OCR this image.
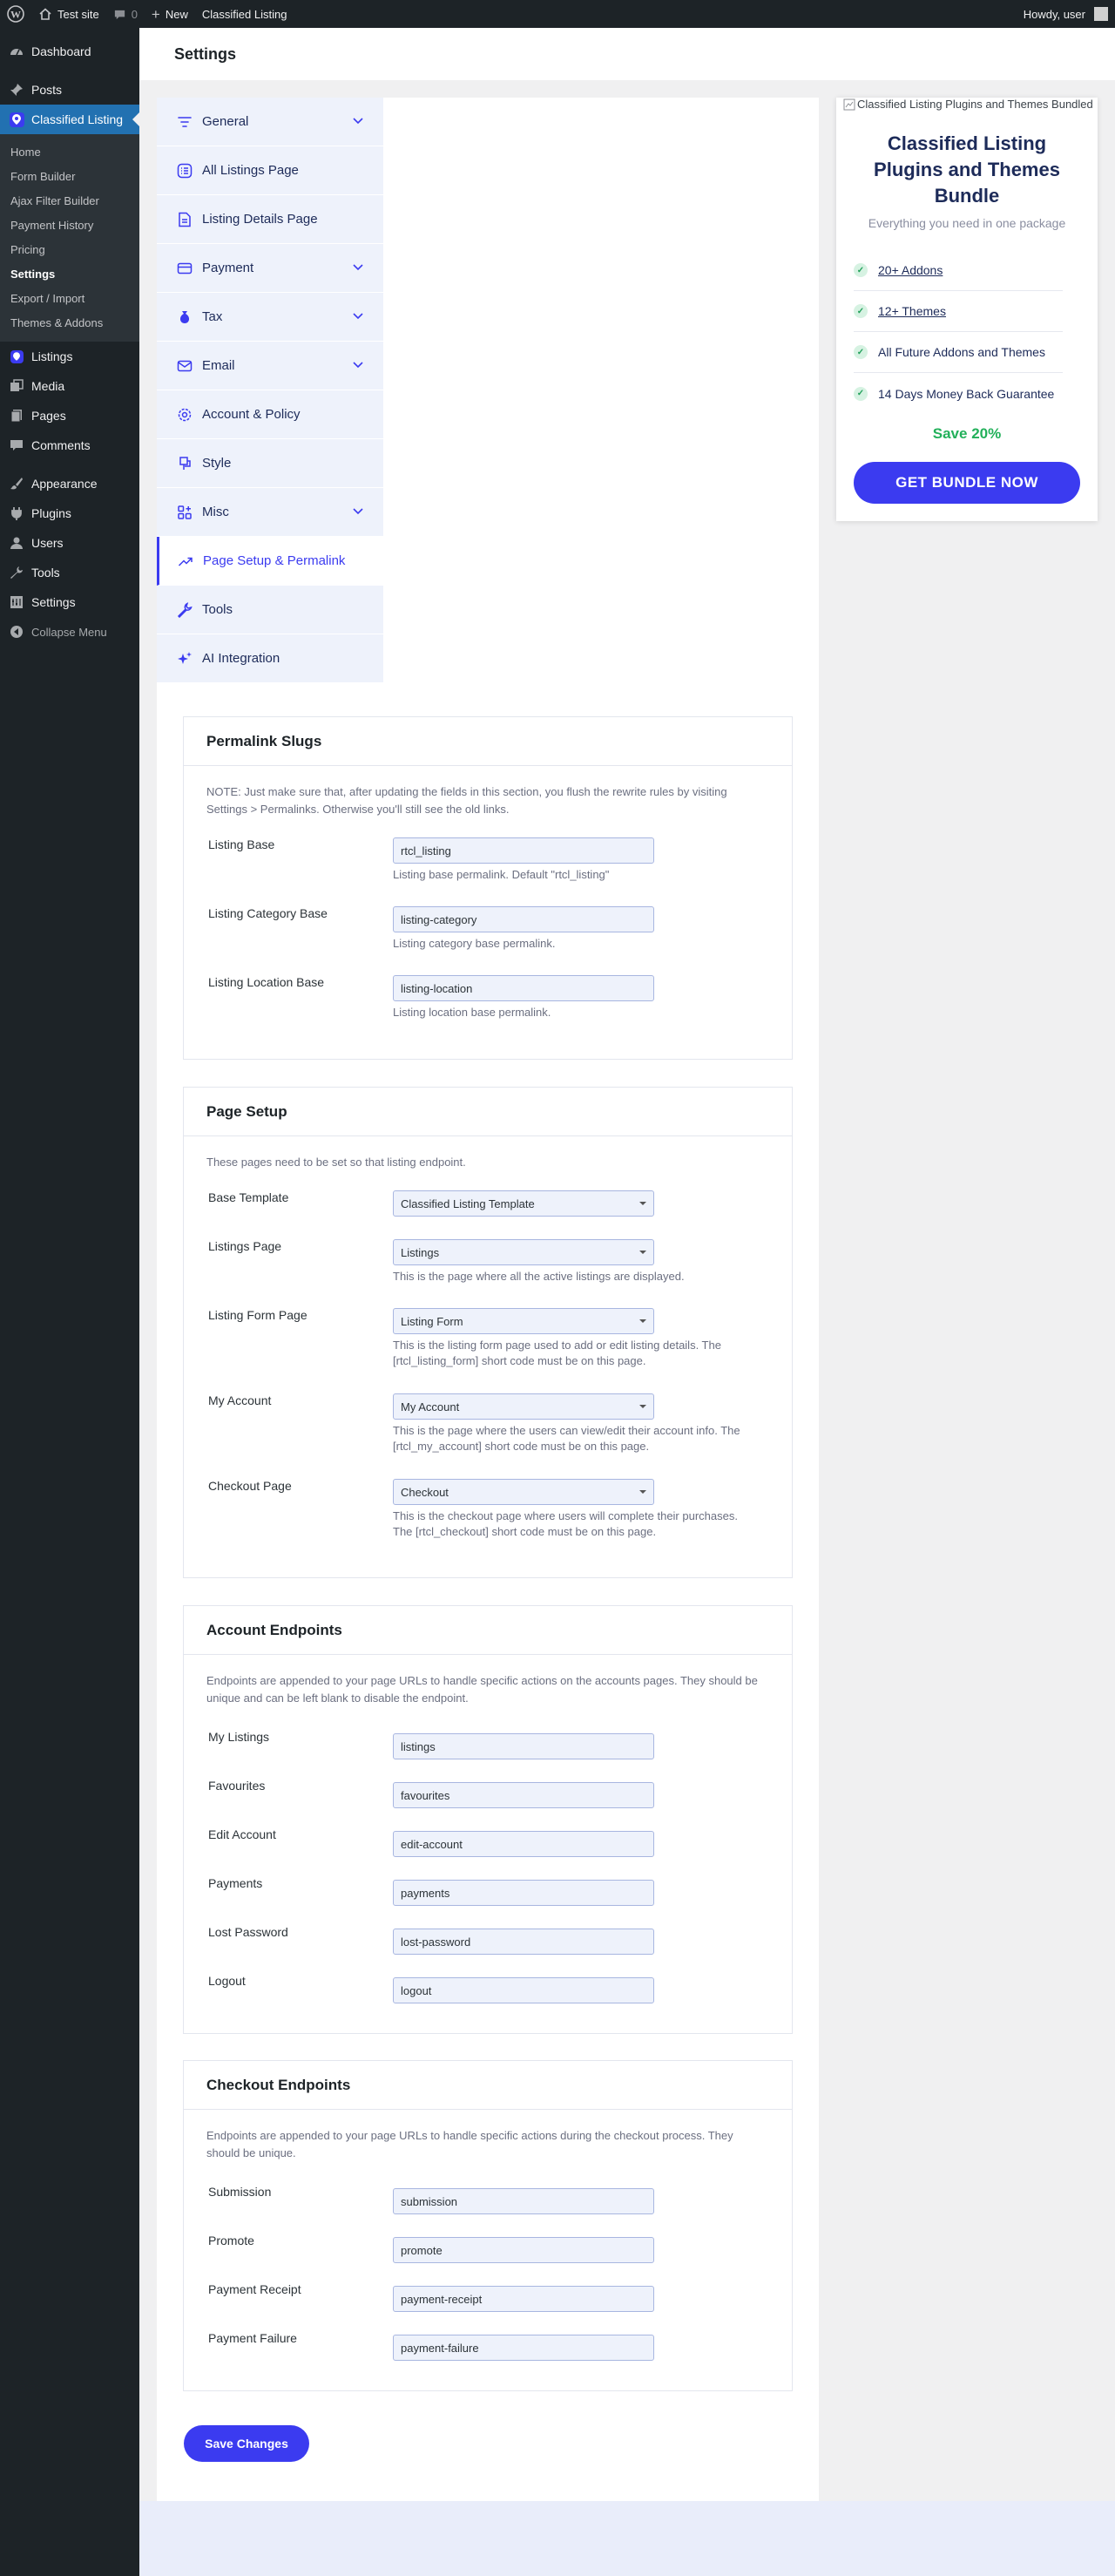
W	Test site	0 + New	Classified Listing	Howdy, user
Dashboard
Posts
Classified Listing
Home
Form Builder
Ajax Filter Builder
Payment History
Pricing
Settings
Export / Import
Themes & Addons
Listings
Media
Pages
Comments
Appearance
Plugins
Users
Tools
Settings
Collapse Menu
Settings
General
All Listings Page
Listing Details Page
Payment
Tax
Email
Account & Policy
Style
Misc
Page Setup & Permalink
Tools
AI Integration
Permalink Slugs
NOTE: Just make sure that, after updating the fields in this section, you flush the rewrite rules by visiting Settings > Permalinks. Otherwise you'll still see the old links.
Listing Base
rtcl_listing
Listing base permalink. Default "rtcl_listing"
Listing Category Base
listing-category
Listing category base permalink.
Listing Location Base
listing-location
Listing location base permalink.
Page Setup
These pages need to be set so that listing endpoint.
Base Template	Classified Listing Template
Listings Page	Listings
This is the page where all the active listings are displayed.
Listing Form Page	Listing Form
This is the listing form page used to add or edit listing details. The [rtcl_listing_form] short code must be on this page.
My Account	My Account
This is the page where the users can view/edit their account info. The [rtcl_my_account] short code must be on this page.
Checkout Page	Checkout
This is the checkout page where users will complete their purchases. The [rtcl_checkout] short code must be on this page.
Account Endpoints
Endpoints are appended to your page URLs to handle specific actions on the accounts pages. They should be unique and can be left blank to disable the endpoint.
My Listings
listings
Favourites
favourites
Edit Account
edit-account
Payments
payments
Lost Password
lost-password
Logout
logout
Checkout Endpoints
Endpoints are appended to your page URLs to handle specific actions during the checkout process. They should be unique.
Submission
submission
Promote
promote
Payment Receipt
payment-receipt
Payment Failure
payment-failure
Save Changes
Classified Listing Plugins and Themes Bundled
Classified Listing Plugins and Themes Bundle
Everything you need in one package
✓ 20+ Addons
✓ 12+ Themes
✓ All Future Addons and Themes
✓ 14 Days Money Back Guarantee
Save 20%
GET BUNDLE NOW
